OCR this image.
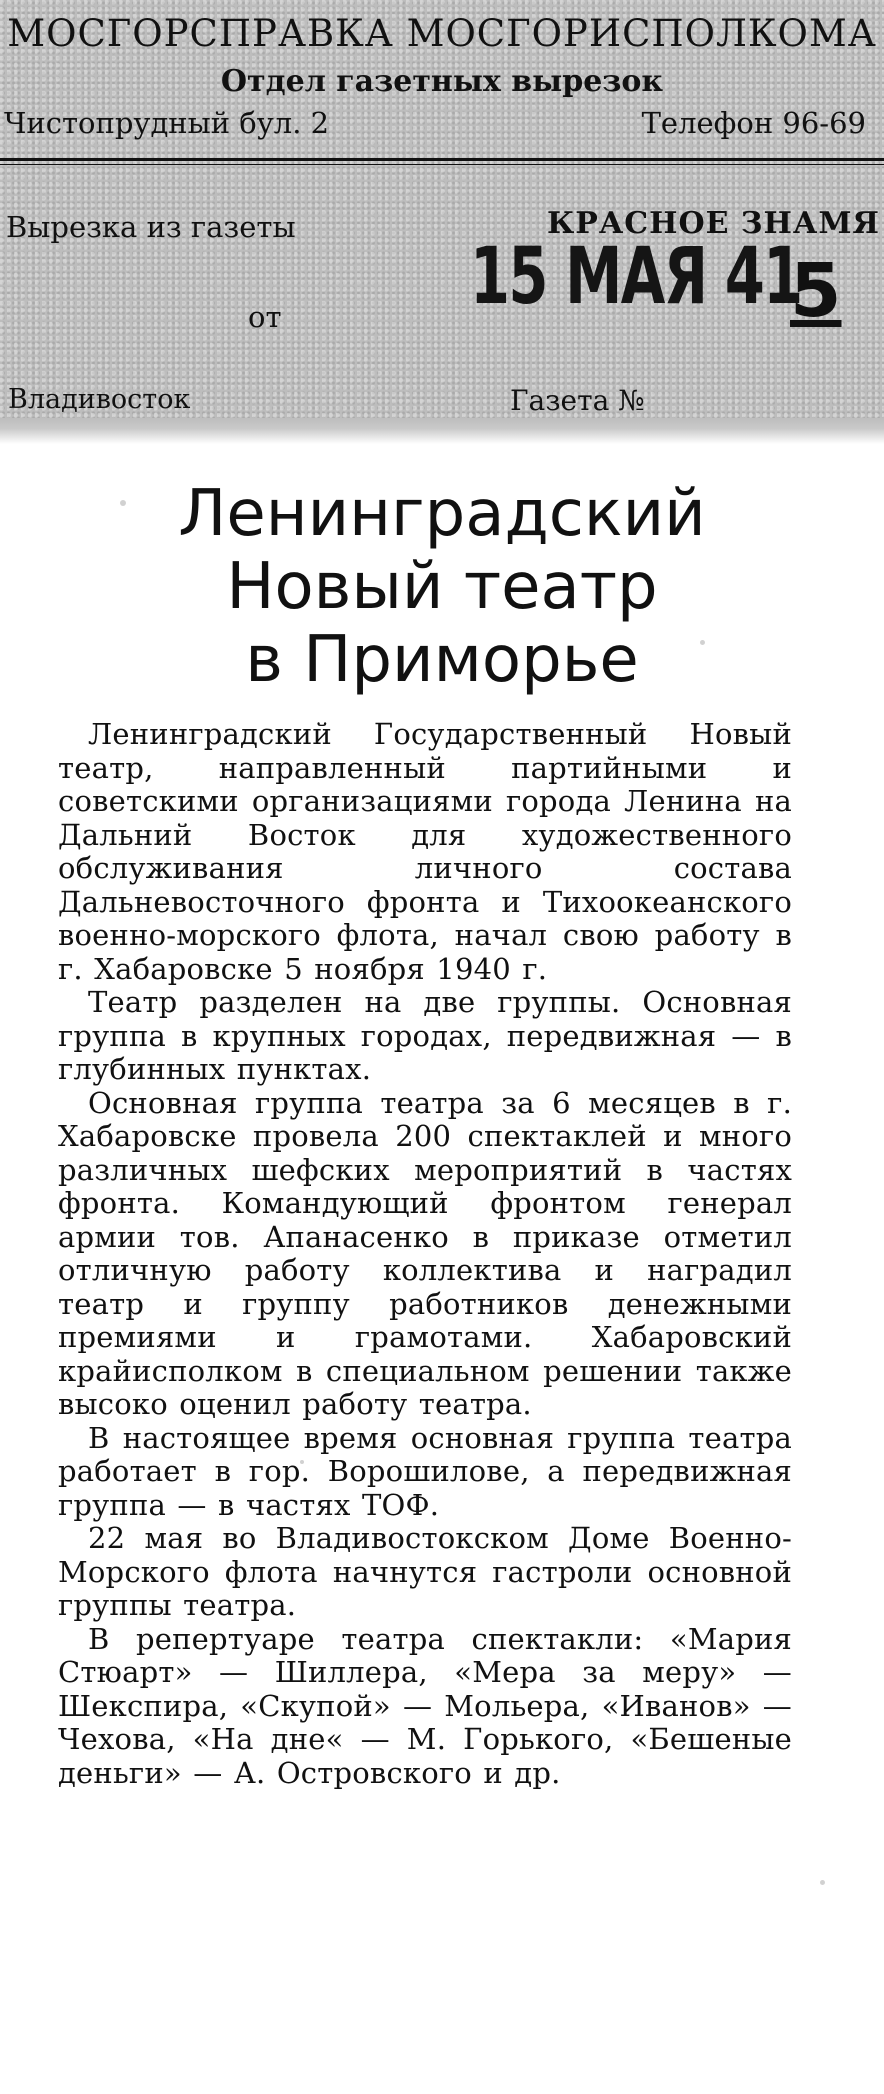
МОСГОРСПРАВКА МОСГОРИСПОЛКОМА
Отдел газетных вырезок
Чистопрудный бул. 2	Телефон 96-69
Вырезка из газеты	КРАСНОЕ ЗНАМЯ
от 15 МАЯ 41
5
Владивосток	Газета №
Ленинградский
Новый театр
в Приморье

Ленинградский Государственный Новый театр, направленный партийными и советскими организациями города Ленина на Дальний Восток для художественного обслуживания личного состава Дальневосточного фронта и Тихоокеанского военно-морского флота, начал свою работу в г. Хабаровске 5 ноября 1940 г.

Театр разделен на две группы. Основная группа в крупных городах, передвижная — в глубинных пунктах.

Основная группа театра за 6 месяцев в г. Хабаровске провела 200 спектаклей и много различных шефских мероприятий в частях фронта. Командующий фронтом генерал армии тов. Апанасенко в приказе отметил отличную работу коллектива и наградил театр и группу работников денежными премиями и грамотами. Хабаровский крайисполком в специальном решении также высоко оценил работу театра.

В настоящее время основная группа театра работает в гор. Ворошилове, а передвижная группа — в частях ТОФ.

22 мая во Владивостокском Доме Военно-Морского флота начнутся гастроли основной группы театра.

В репертуаре театра спектакли: «Мария Стюарт» — Шиллера, «Мера за меру» — Шекспира, «Скупой» — Мольера, «Иванов» — Чехова, «На дне« — М. Горького, «Бешеные деньги» — А. Островского и др.
